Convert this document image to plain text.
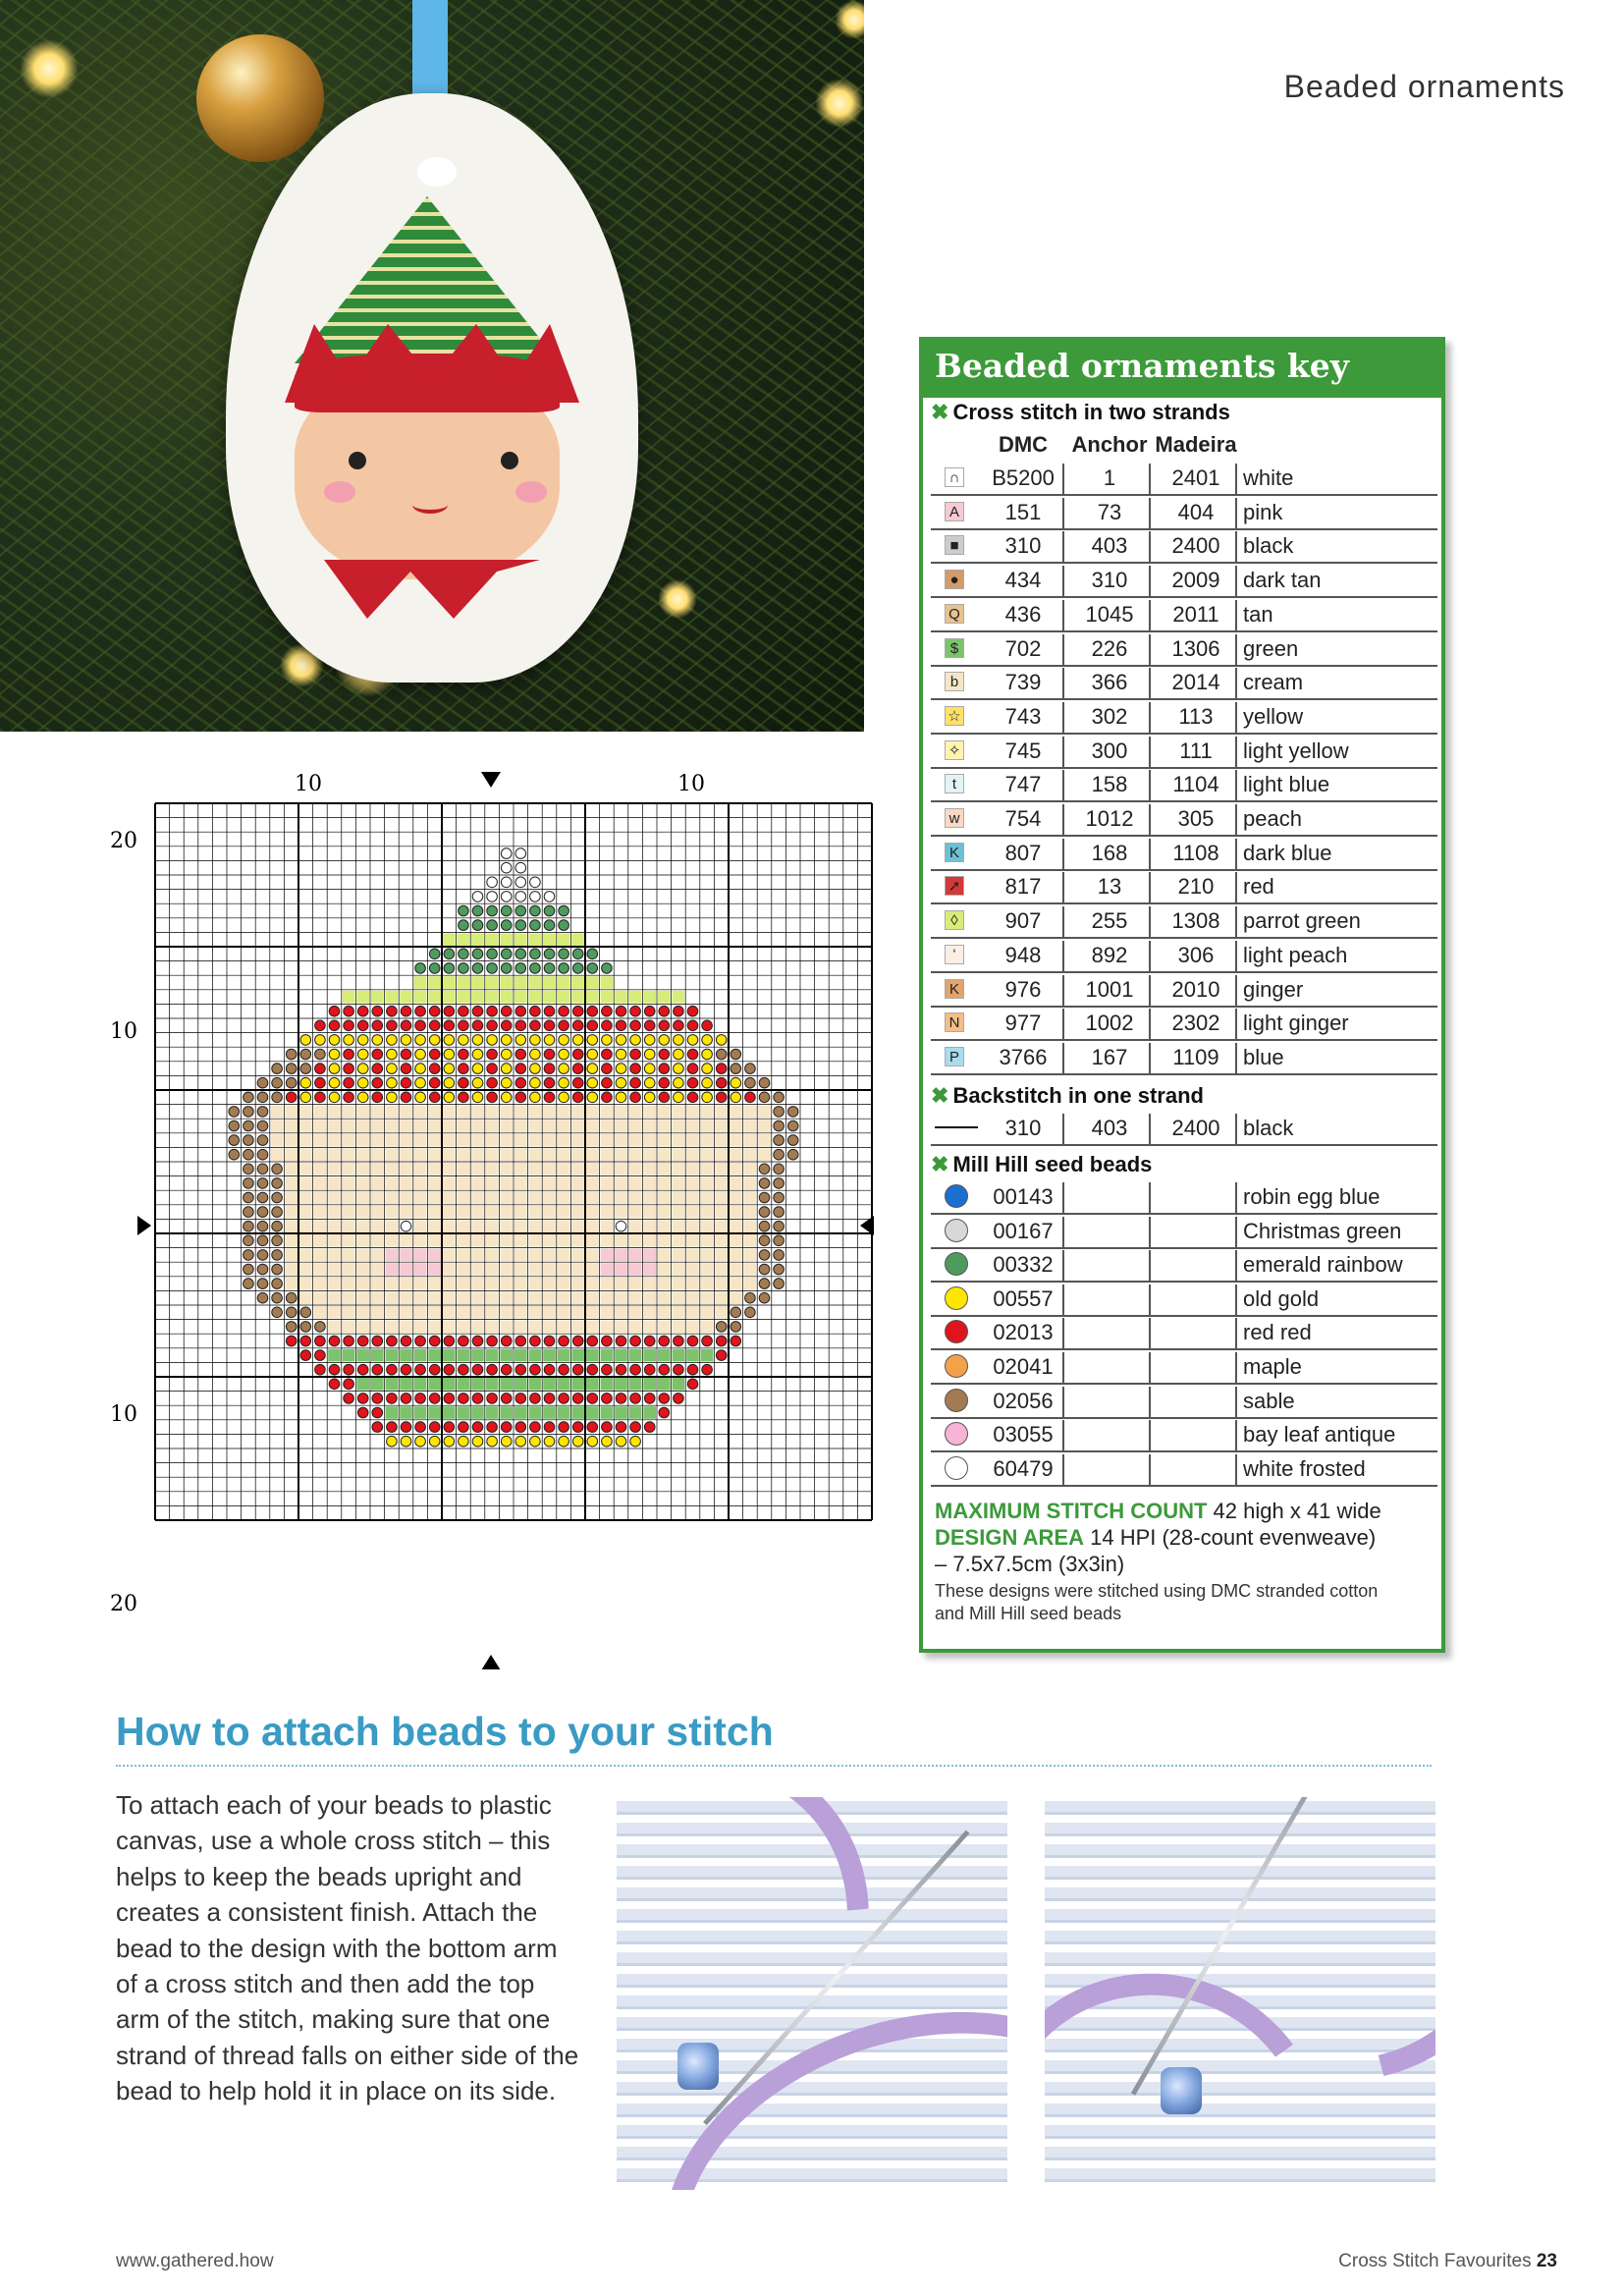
Beaded ornaments
10	10
20
10
10
20
Beaded ornaments key
✖ Cross stitch in two strands
DMC	Anchor Madeira
∩	B5200	1	2401	white
A	151	73	404	pink
■	310	403	2400	black
●	434	310	2009	dark tan
Q	436	1045	2011	tan
$	702	226	1306	green
b	739	366	2014	cream
☆	743	302	113	yellow
✧	745	300	111	light yellow
t	747	158	1104	light blue
w	754	1012	305	peach
K	807	168	1108	dark blue
➚	817	13	210	red
◊	907	255	1308	parrot green
ʻ	948	892	306	light peach
K	976	1001	2010	ginger
N	977	1002	2302	light ginger
P	3766	167	1109	blue
✖ Backstitch in one strand
310	403	2400	black
✖ Mill Hill seed beads
00143	robin egg blue
00167	Christmas green
00332	emerald rainbow
00557	old gold
02013	red red
02041	maple
02056	sable
03055	bay leaf antique
60479	white frosted
MAXIMUM STITCH COUNT 42 high x 41 wide
DESIGN AREA 14 HPI (28-count evenweave)
– 7.5x7.5cm (3x3in)
These designs were stitched using DMC stranded cotton and Mill Hill seed beads
How to attach beads to your stitch
To attach each of your beads to plastic canvas, use a whole cross stitch – this helps to keep the beads upright and creates a consistent finish. Attach the bead to the design with the bottom arm of a cross stitch and then add the top arm of the stitch, making sure that one strand of thread falls on either side of the bead to help hold it in place on its side.
www.gathered.how	Cross Stitch Favourites 23
